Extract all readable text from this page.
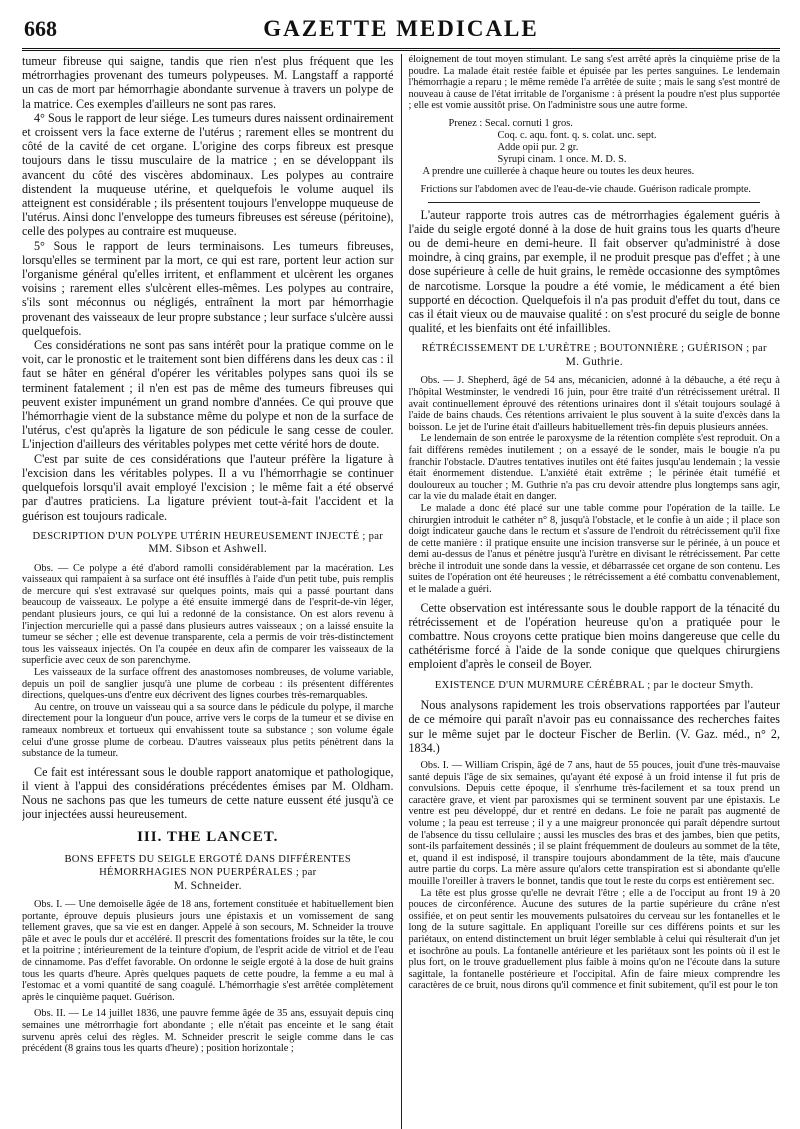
668	GAZETTE MEDICALE

tumeur fibreuse qui saigne, tandis que rien n'est plus fréquent que les métrorrhagies provenant des tumeurs polypeuses. M. Langstaff a rapporté un cas de mort par hémorrhagie abondante survenue à travers un polype de la matrice. Ces exemples d'ailleurs ne sont pas rares.

4° Sous le rapport de leur siége. Les tumeurs dures naissent ordinairement et croissent vers la face externe de l'utérus ; rarement elles se montrent du côté de la cavité de cet organe. L'origine des corps fibreux est presque toujours dans le tissu musculaire de la matrice ; en se développant ils avancent du côté des viscères abdominaux. Les polypes au contraire distendent la muqueuse utérine, et quelquefois le volume auquel ils atteignent est considérable ; ils présentent toujours l'enveloppe muqueuse de l'utérus. Ainsi donc l'enveloppe des tumeurs fibreuses est séreuse (péritoine), celle des polypes au contraire est muqueuse.

5° Sous le rapport de leurs terminaisons. Les tumeurs fibreuses, lorsqu'elles se terminent par la mort, ce qui est rare, portent leur action sur l'organisme général qu'elles irritent, et enflamment et ulcèrent les organes voisins ; rarement elles s'ulcèrent elles-mêmes. Les polypes au contraire, s'ils sont méconnus ou négligés, entraînent la mort par hémorrhagie provenant des vaisseaux de leur propre substance ; leur surface s'ulcère aussi quelquefois.

Ces considérations ne sont pas sans intérêt pour la pratique comme on le voit, car le pronostic et le traitement sont bien différens dans les deux cas : il faut se hâter en général d'opérer les véritables polypes sans quoi ils se terminent fatalement ; il n'en est pas de même des tumeurs fibreuses qui peuvent exister impunément un grand nombre d'années. Ce qui prouve que l'hémorrhagie vient de la substance même du polype et non de la surface de l'utérus, c'est qu'après la ligature de son pédicule le sang cesse de couler. L'injection d'ailleurs des véritables polypes met cette vérité hors de doute.

C'est par suite de ces considérations que l'auteur préfère la ligature à l'excision dans les véritables polypes. Il a vu l'hémorrhagie se continuer quelquefois lorsqu'il avait employé l'excision ; le même fait a été observé par d'autres praticiens. La ligature prévient tout-à-fait l'accident et la guérison est toujours radicale.

DESCRIPTION D'UN POLYPE UTÉRIN HEUREUSEMENT INJECTÉ ; par
MM. Sibson et Ashwell.

Obs. — Ce polype a été d'abord ramolli considérablement par la macération. Les vaisseaux qui rampaient à sa surface ont été insufflés à l'aide d'un petit tube, puis remplis de mercure qui s'est extravasé sur quelques points, mais qui a passé pourtant dans beaucoup de vaisseaux. Le polype a été ensuite immergé dans de l'esprit-de-vin léger, pendant plusieurs jours, ce qui lui a redonné de la consistance. On est alors revenu à l'injection mercurielle qui a passé dans plusieurs autres vaisseaux ; on a laissé ensuite la tumeur se sécher ; elle est devenue transparente, cela a permis de voir très-distinctement tous les vaisseaux injectés. On l'a coupée en deux afin de comparer les vaisseaux de la superficie avec ceux de son parenchyme.

Les vaisseaux de la surface offrent des anastomoses nombreuses, de volume variable, depuis un poil de sanglier jusqu'à une plume de corbeau : ils présentent différentes directions, quelques-uns d'entre eux décrivent des lignes courbes très-remarquables.

Au centre, on trouve un vaisseau qui a sa source dans le pédicule du polype, il marche directement pour la longueur d'un pouce, arrive vers le corps de la tumeur et se divise en rameaux nombreux et tortueux qui envahissent toute sa substance ; son volume égale celui d'une grosse plume de corbeau. D'autres vaisseaux plus petits pénètrent dans la substance de la tumeur.

Ce fait est intéressant sous le double rapport anatomique et pathologique, il vient à l'appui des considérations précédentes émises par M. Oldham. Nous ne sachons pas que les tumeurs de cette nature eussent été jusqu'à ce jour injectées aussi heureusement.

III. THE LANCET.
BONS EFFETS DU SEIGLE ERGOTÉ DANS DIFFÉRENTES HÉMORRHAGIES NON PUERPÉRALES ; par
M. Schneider.

Obs. I. — Une demoiselle âgée de 18 ans, fortement constituée et habituellement bien portante, éprouve depuis plusieurs jours une épistaxis et un vomissement de sang tellement graves, que sa vie est en danger. Appelé à son secours, M. Schneider la trouve pâle et avec le pouls dur et accéléré. Il prescrit des fomentations froides sur la tête, le cou et la poitrine ; intérieurement de la teinture d'opium, de l'esprit acide de vitriol et de l'eau de cinnamome. Pas d'effet favorable. On ordonne le seigle ergoté à la dose de huit grains tous les quarts d'heure. Après quelques paquets de cette poudre, la femme a eu mal à l'estomac et a vomi quantité de sang coagulé. L'hémorrhagie s'est arrêtée complètement après le cinquième paquet. Guérison.

Obs. II. — Le 14 juillet 1836, une pauvre femme âgée de 35 ans, essuyait depuis cinq semaines une métrorrhagie fort abondante ; elle n'était pas enceinte et le sang était survenu après celui des règles. M. Schneider prescrit le seigle comme dans le cas précédent (8 grains tous les quarts d'heure) ; position horizontale ;

éloignement de tout moyen stimulant. Le sang s'est arrêté après la cinquième prise de la poudre. La malade était restée faible et épuisée par les pertes sanguines. Le lendemain l'hémorrhagie a reparu ; le même remède l'a arrêtée de suite ; mais le sang s'est montré de nouveau à cause de l'état irritable de l'organisme : à présent la poudre n'est plus supportée ; elle est vomie aussitôt prise. On l'administre sous une autre forme.

Prenez : Secal. cornuti 1 gros.
Coq. c. aqu. font. q. s. colat. unc. sept.
Adde opii pur. 2 gr.
Syrupi cinam. 1 once. M. D. S.
A prendre une cuillerée à chaque heure ou toutes les deux heures.

Frictions sur l'abdomen avec de l'eau-de-vie chaude. Guérison radicale prompte.

L'auteur rapporte trois autres cas de métrorrhagies également guéris à l'aide du seigle ergoté donné à la dose de huit grains tous les quarts d'heure ou de demi-heure en demi-heure. Il fait observer qu'administré à dose moindre, à cinq grains, par exemple, il ne produit presque pas d'effet ; à une dose supérieure à celle de huit grains, le remède occasionne des symptômes de narcotisme. Lorsque la poudre a été vomie, le médicament a été bien supporté en décoction. Quelquefois il n'a pas produit d'effet du tout, dans ce cas il était vieux ou de mauvaise qualité : on s'est procuré du seigle de bonne qualité, et les bienfaits ont été infaillibles.

RÉTRÉCISSEMENT DE L'URÈTRE ; BOUTONNIÈRE ; GUÉRISON ; par
M. Guthrie.

Obs. — J. Shepherd, âgé de 54 ans, mécanicien, adonné à la débauche, a été reçu à l'hôpital Westminster, le vendredi 16 juin, pour être traité d'un rétrécissement urétral. Il avait continuellement éprouvé des rétentions urinaires dont il s'était toujours soulagé à l'aide de bains chauds. Ces rétentions arrivaient le plus souvent à la suite d'excès dans la boisson. Le jet de l'urine était d'ailleurs habituellement très-fin depuis plusieurs années.

Le lendemain de son entrée le paroxysme de la rétention complète s'est reproduit. On a fait différens remèdes inutilement ; on a essayé de le sonder, mais le bougie n'a pu franchir l'obstacle. D'autres tentatives inutiles ont été faites jusqu'au lendemain ; la vessie était énormement distendue. L'anxiété était extrême ; le périnée était tuméfié et douloureux au toucher ; M. Guthrie n'a pas cru devoir attendre plus longtemps sans agir, car la vie du malade était en danger.

Le malade a donc été placé sur une table comme pour l'opération de la taille. Le chirurgien introduit le cathéter n° 8, jusqu'à l'obstacle, et le confie à un aide ; il place son doigt indicateur gauche dans le rectum et s'assure de l'endroit du rétrécissement qu'il fixe de cette manière : il pratique ensuite une incision transverse sur le périnée, à un pouce et demi au-dessus de l'anus et pénètre jusqu'à l'urètre en divisant le rétrécissement. Par cette brèche il introduit une sonde dans la vessie, et débarrassée cet organe de son contenu. Les suites de l'opération ont été heureuses ; le rétrécissement a été combattu convenablement, et le malade a guéri.

Cette observation est intéressante sous le double rapport de la ténacité du rétrécissement et de l'opération heureuse qu'on a pratiquée pour le combattre. Nous croyons cette pratique bien moins dangereuse que celle du cathétérisme forcé à l'aide de la sonde conique que quelques chirurgiens emploient d'après le conseil de Boyer.

EXISTENCE D'UN MURMURE CÉRÉBRAL ; par le docteur Smyth.

Nous analysons rapidement les trois observations rapportées par l'auteur de ce mémoire qui paraît n'avoir pas eu connaissance des recherches faites sur le même sujet par le docteur Fischer de Berlin. (V. Gaz. méd., n° 2, 1834.)

Obs. I. — William Crispin, âgé de 7 ans, haut de 55 pouces, jouit d'une très-mauvaise santé depuis l'âge de six semaines, qu'ayant été exposé à un froid intense il fut pris de convulsions. Depuis cette époque, il s'enrhume très-facilement et sa toux prend un caractère grave, et vient par paroxismes qui se terminent souvent par une épistaxis. Le ventre est peu développé, dur et rentré en dedans. Le foie ne paraît pas augmenté de volume ; la peau est terreuse ; il y a une maigreur prononcée qui paraît dépendre surtout de l'absence du tissu cellulaire ; aussi les muscles des bras et des jambes, bien que petits, sont-ils parfaitement dessinés ; il se plaint fréquemment de douleurs au sommet de la tête, et, quand il est indisposé, il transpire toujours abondamment de la tête, mais d'aucune autre partie du corps. La mère assure qu'alors cette transpiration est si abondante qu'elle mouille l'oreiller à travers le bonnet, tandis que tout le reste du corps est entièrement sec.

La tête est plus grosse qu'elle ne devrait l'être ; elle a de l'occiput au front 19 à 20 pouces de circonférence. Aucune des sutures de la partie supérieure du crâne n'est ossifiée, et on peut sentir les mouvements pulsatoires du cerveau sur les fontanelles et le long de la suture sagittale. En appliquant l'oreille sur ces différens points et sur les pariétaux, on entend distinctement un bruit léger semblable à celui qui résulterait d'un jet et isochrône au pouls. La fontanelle antérieure et les pariétaux sont les points où il est le plus fort, on le trouve graduellement plus faible à moins qu'on ne l'écoute dans la suture sagittale, la fontanelle postérieure et l'occipital. Afin de faire mieux comprendre les caractères de ce bruit, nous dirons qu'il commence et finit subitement, qu'il est pour le ton
